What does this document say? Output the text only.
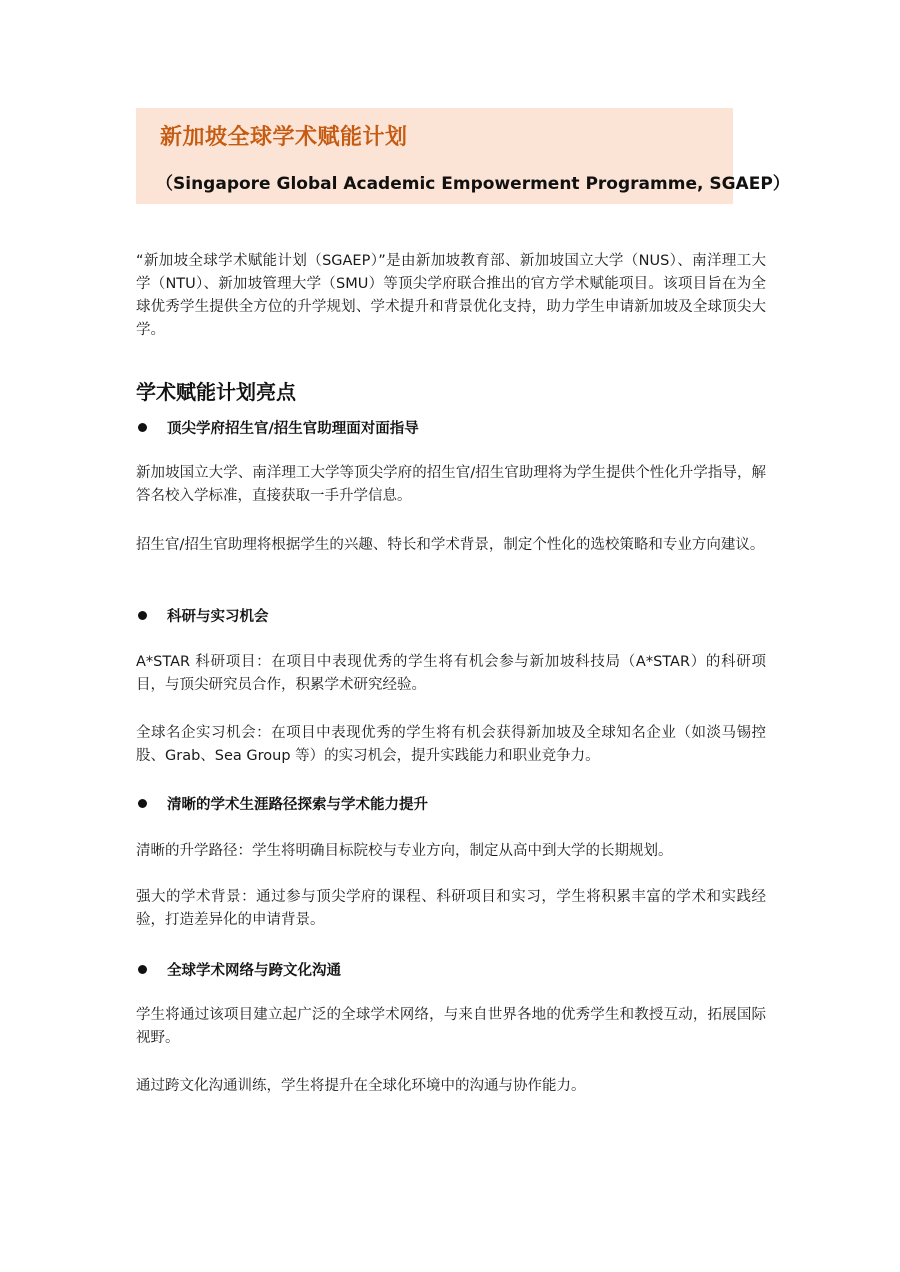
新加坡全球学术赋能计划
（Singapore Global Academic Empowerment Programme, SGAEP）
“新加坡全球学术赋能计划（SGAEP）”是由新加坡教育部、新加坡国立大学（NUS）、南洋理工大学（NTU）、新加坡管理大学（SMU）等顶尖学府联合推出的官方学术赋能项目。该项目旨在为全球优秀学生提供全方位的升学规划、学术提升和背景优化支持，助力学生申请新加坡及全球顶尖大学。
学术赋能计划亮点
顶尖学府招生官/招生官助理面对面指导
新加坡国立大学、南洋理工大学等顶尖学府的招生官/招生官助理将为学生提供个性化升学指导，解答名校入学标准，直接获取一手升学信息。
招生官/招生官助理将根据学生的兴趣、特长和学术背景，制定个性化的选校策略和专业方向建议。
科研与实习机会
A*STAR 科研项目：在项目中表现优秀的学生将有机会参与新加坡科技局（A*STAR）的科研项目，与顶尖研究员合作，积累学术研究经验。
全球名企实习机会：在项目中表现优秀的学生将有机会获得新加坡及全球知名企业（如淡马锡控股、Grab、Sea Group 等）的实习机会，提升实践能力和职业竞争力。
清晰的学术生涯路径探索与学术能力提升
清晰的升学路径：学生将明确目标院校与专业方向，制定从高中到大学的长期规划。
强大的学术背景：通过参与顶尖学府的课程、科研项目和实习，学生将积累丰富的学术和实践经验，打造差异化的申请背景。
全球学术网络与跨文化沟通
学生将通过该项目建立起广泛的全球学术网络，与来自世界各地的优秀学生和教授互动，拓展国际视野。
通过跨文化沟通训练，学生将提升在全球化环境中的沟通与协作能力。
